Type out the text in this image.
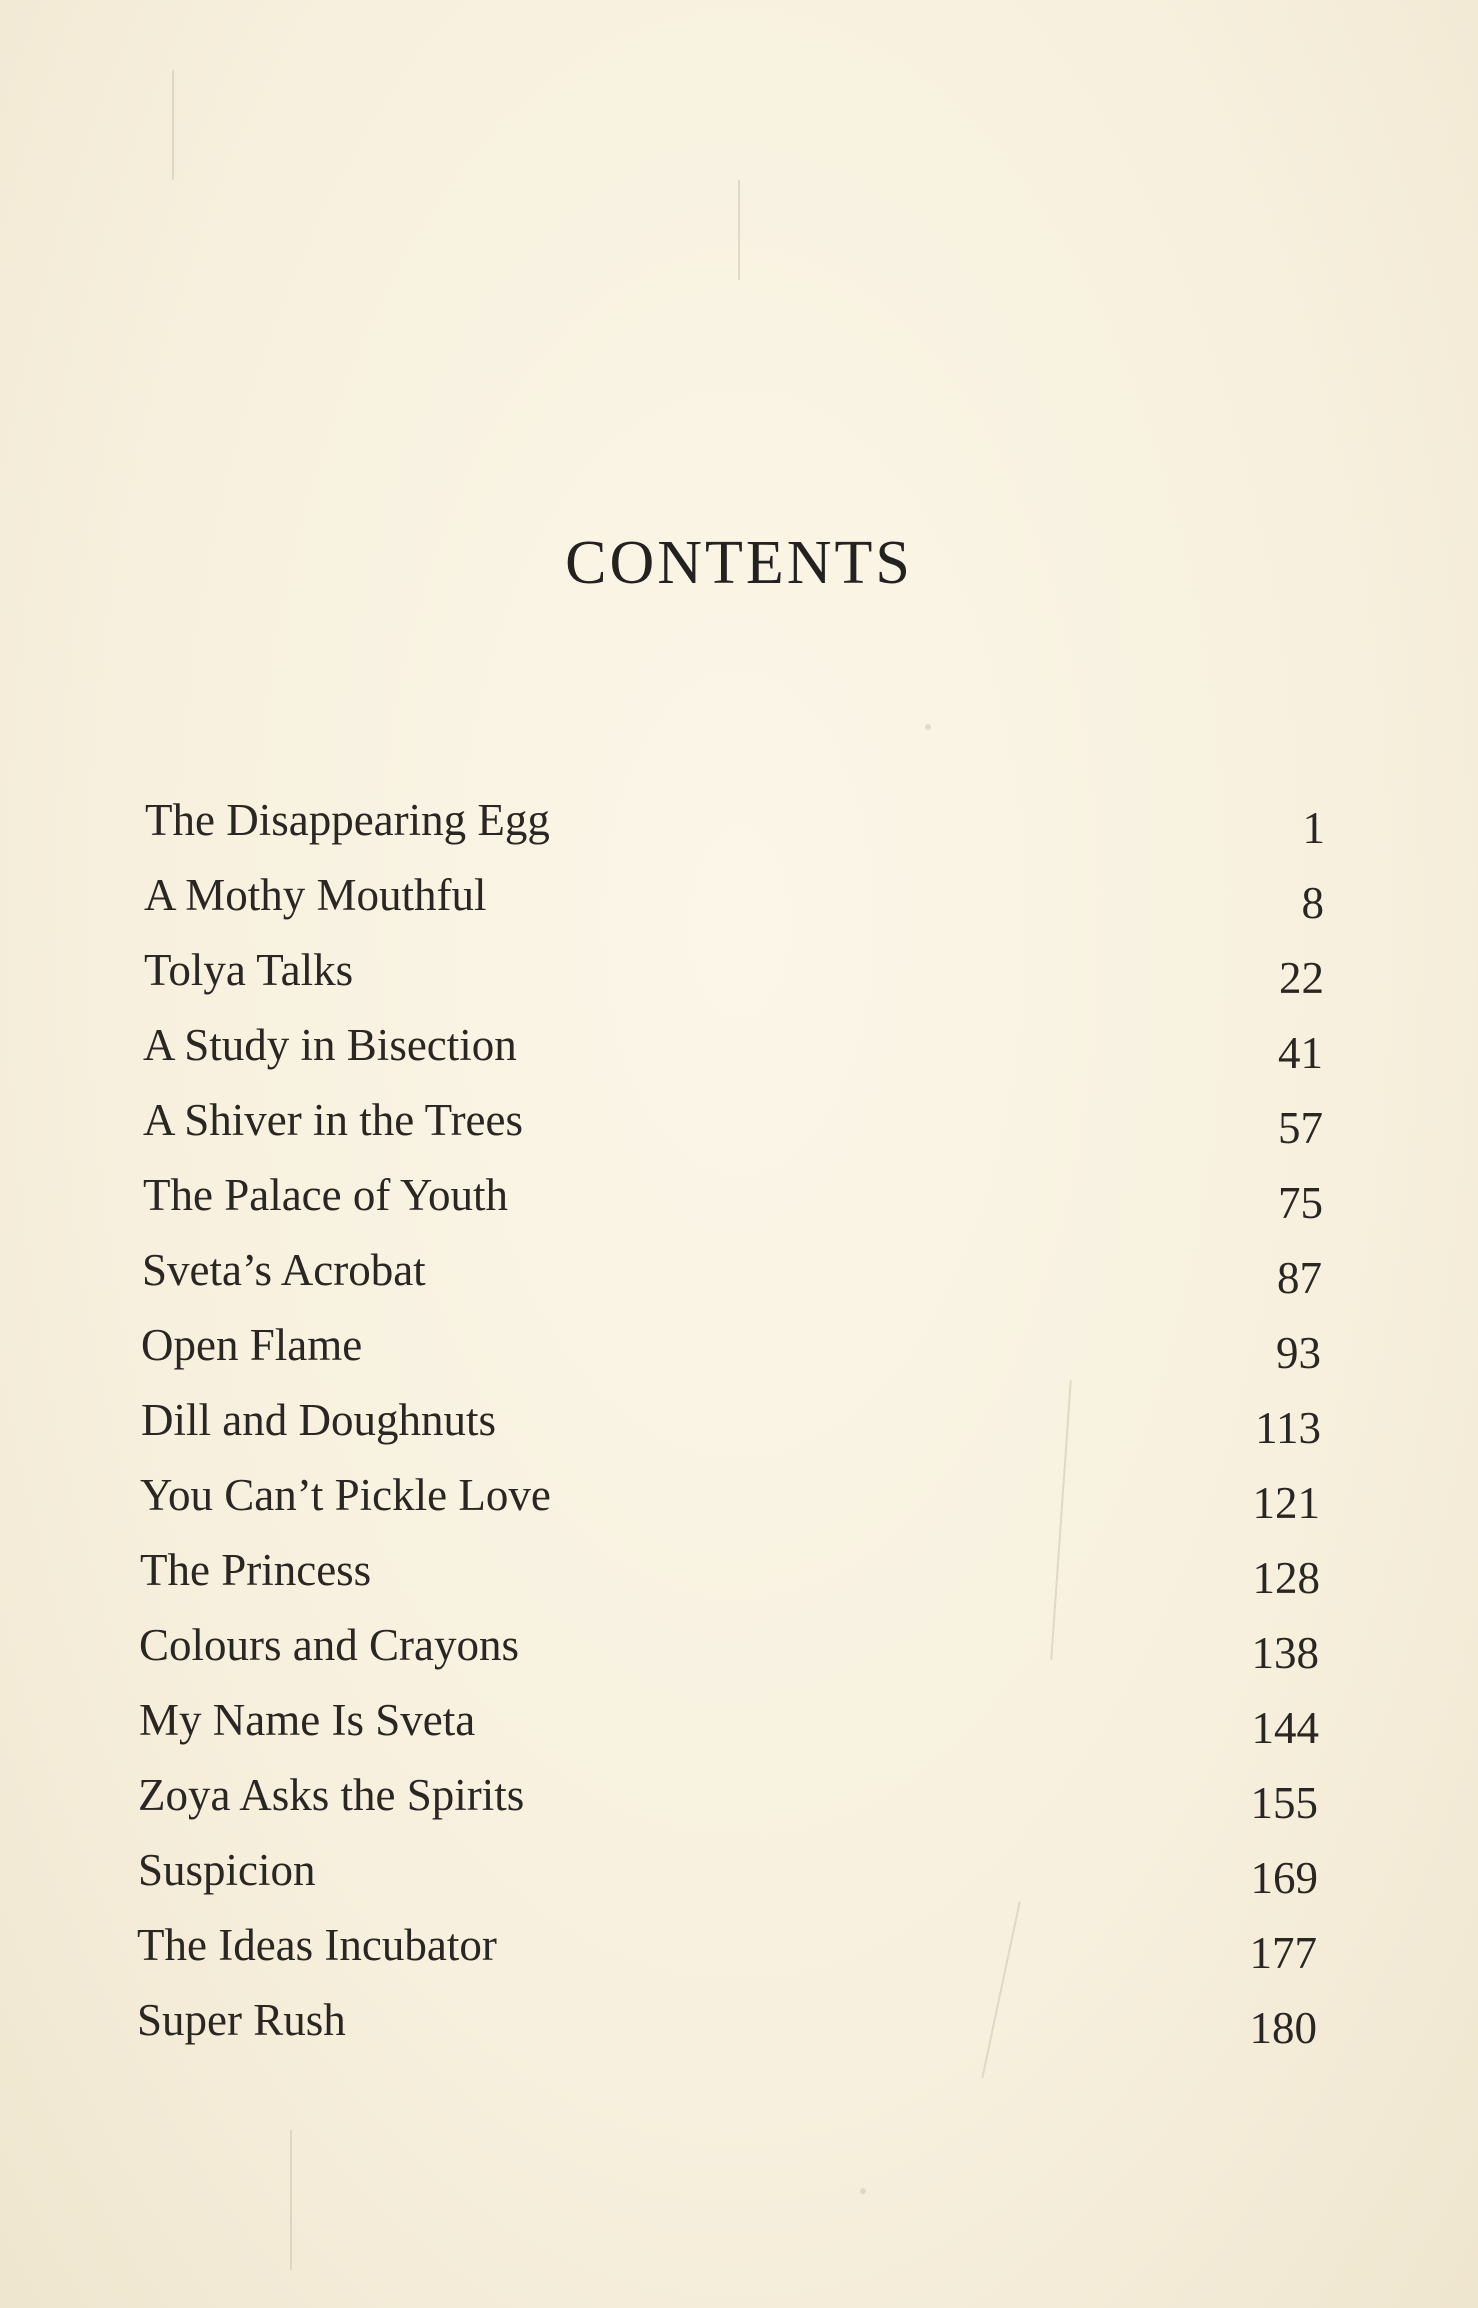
CONTENTS
The Disappearing Egg	1
A Mothy Mouthful	8
Tolya Talks	22
A Study in Bisection	41
A Shiver in the Trees	57
The Palace of Youth	75
Sveta’s Acrobat	87
Open Flame	93
Dill and Doughnuts	113
You Can’t Pickle Love	121
The Princess	128
Colours and Crayons	138
My Name Is Sveta	144
Zoya Asks the Spirits	155
Suspicion	169
The Ideas Incubator	177
Super Rush	180
